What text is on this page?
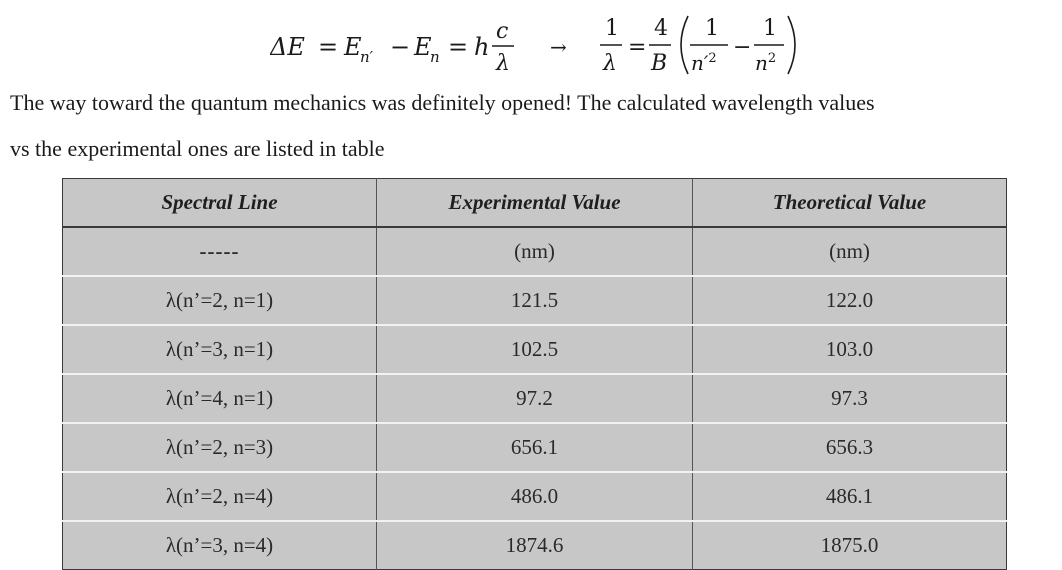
ΔE = E
n′ − E
n = h
c
λ
→
1
λ
=
4
B
1
$n'^2$ −
1
$n^2$

The way toward the quantum mechanics was definitely opened! The calculated wavelength values

vs the experimental ones are listed in table

Spectral Line	Experimental Value	Theoretical Value
-----	(nm)	(nm)
λ(n’=2, n=1)	121.5	122.0
λ(n’=3, n=1)	102.5	103.0
λ(n’=4, n=1)	97.2	97.3
λ(n’=2, n=3)	656.1	656.3
λ(n’=2, n=4)	486.0	486.1
λ(n’=3, n=4)	1874.6	1875.0
